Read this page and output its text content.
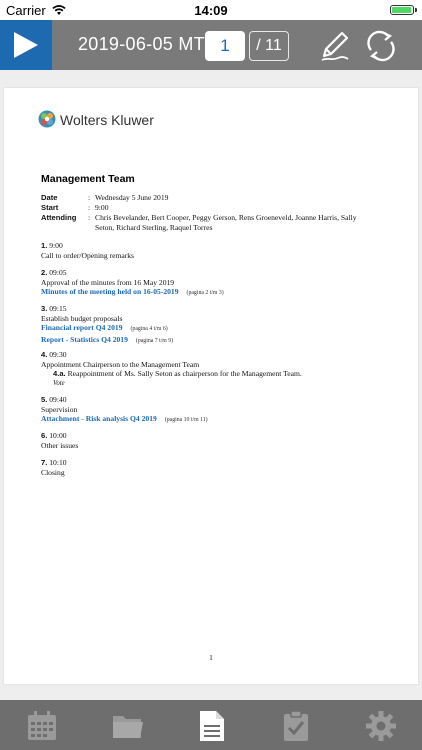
Carrier	14:09
2019-06-05 MT 1	/ 11
Wolters Kluwer
Management Team
Date	: Wednesday 5 June 2019
Start	: 9:00
Attending	: Chris Bevelander, Bert Cooper, Peggy Gerson, Rens Groeneveld, Joanne Harris, Sally Seton, Richard Sterling, Raquel Torres
1. 9:00
Call to order/Opening remarks
2. 09:05
Approval of the minutes from 16 May 2019
Minutes of the meeting held on 16-05-2019 (pagina 2 t/m 3)
3. 09:15
Establish budget proposals
Financial report Q4 2019 (pagina 4 t/m 6)
Report - Statistics Q4 2019 (pagina 7 t/m 9)
4. 09:30
Appointment Chairperson to the Management Team
4.a. Reappointment of Ms. Sally Seton as chairperson for the Management Team.
Vote
5. 09:40
Supervision
Attachment - Risk analysis Q4 2019 (pagina 10 t/m 11)
6. 10:00
Other issues
7. 10:10
Closing
1
